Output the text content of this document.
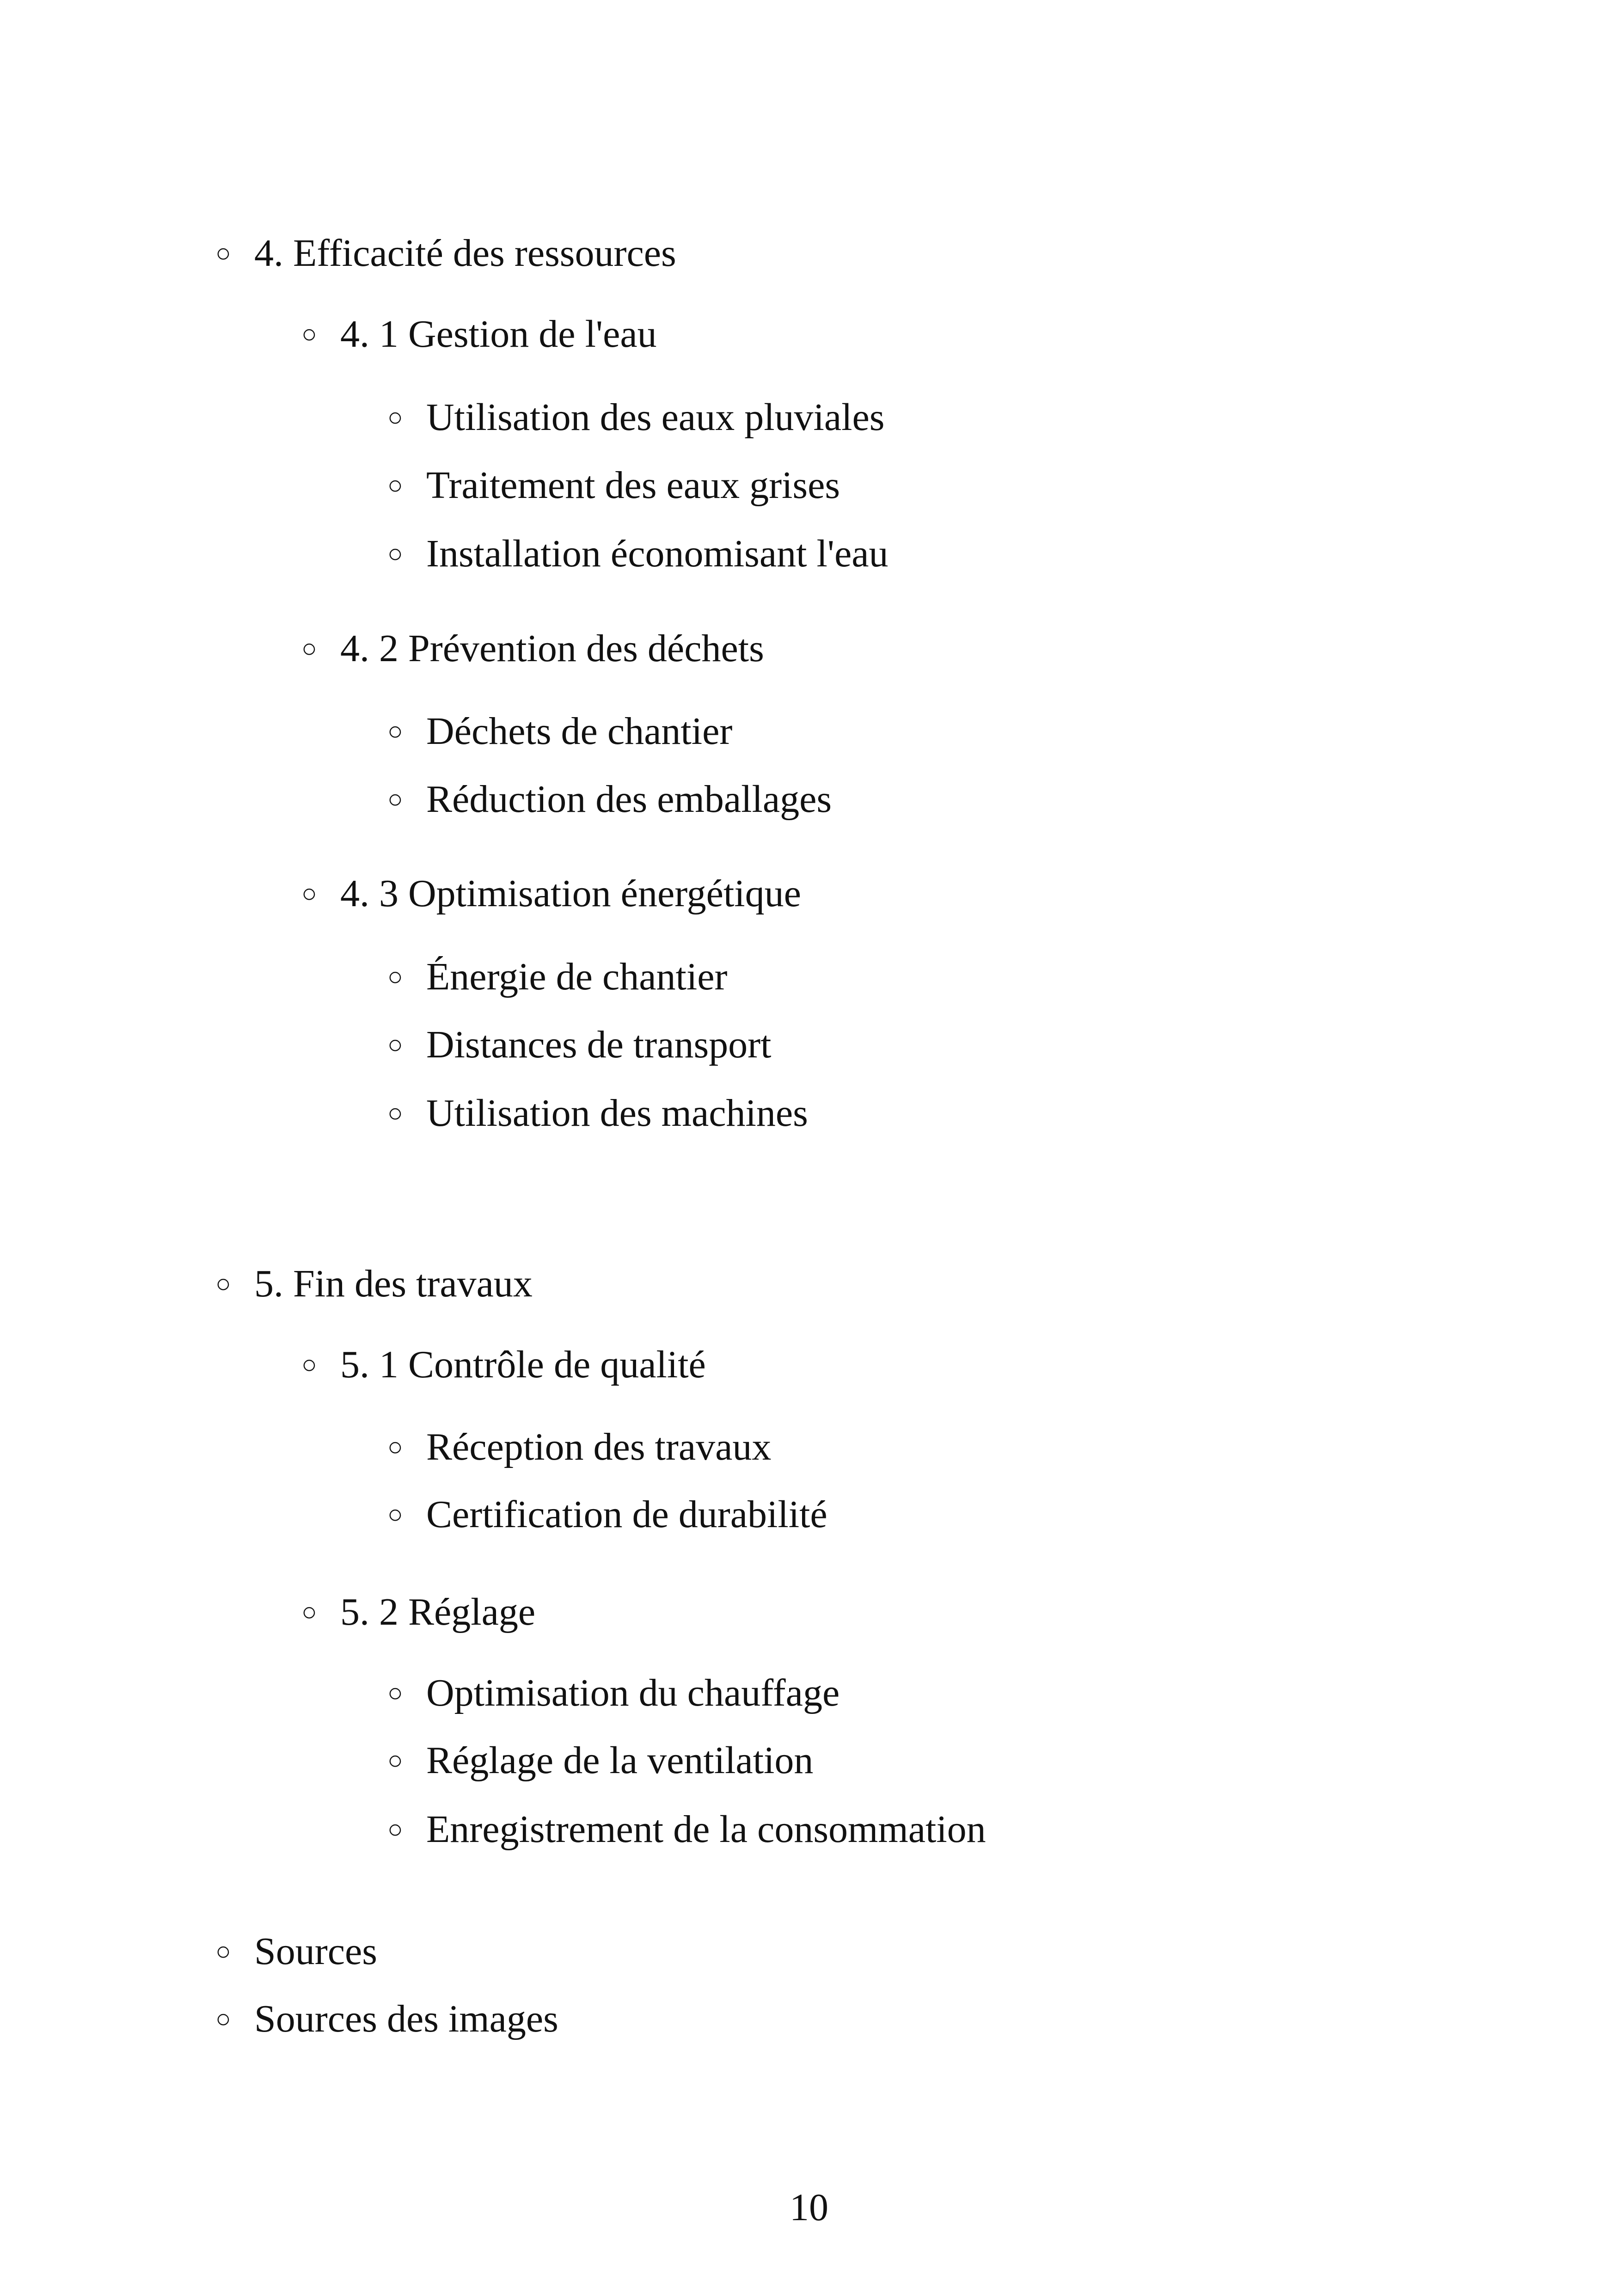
○ 4. Efficacité des ressources
○ 4. 1 Gestion de l'eau
○ Utilisation des eaux pluviales
○ Traitement des eaux grises
○ Installation économisant l'eau
○ 4. 2 Prévention des déchets
○ Déchets de chantier
○ Réduction des emballages
○ 4. 3 Optimisation énergétique
○ Énergie de chantier
○ Distances de transport
○ Utilisation des machines
○ 5. Fin des travaux
○ 5. 1 Contrôle de qualité
○ Réception des travaux
○ Certification de durabilité
○ 5. 2 Réglage
○ Optimisation du chauffage
○ Réglage de la ventilation
○ Enregistrement de la consommation
○ Sources
○ Sources des images
10
